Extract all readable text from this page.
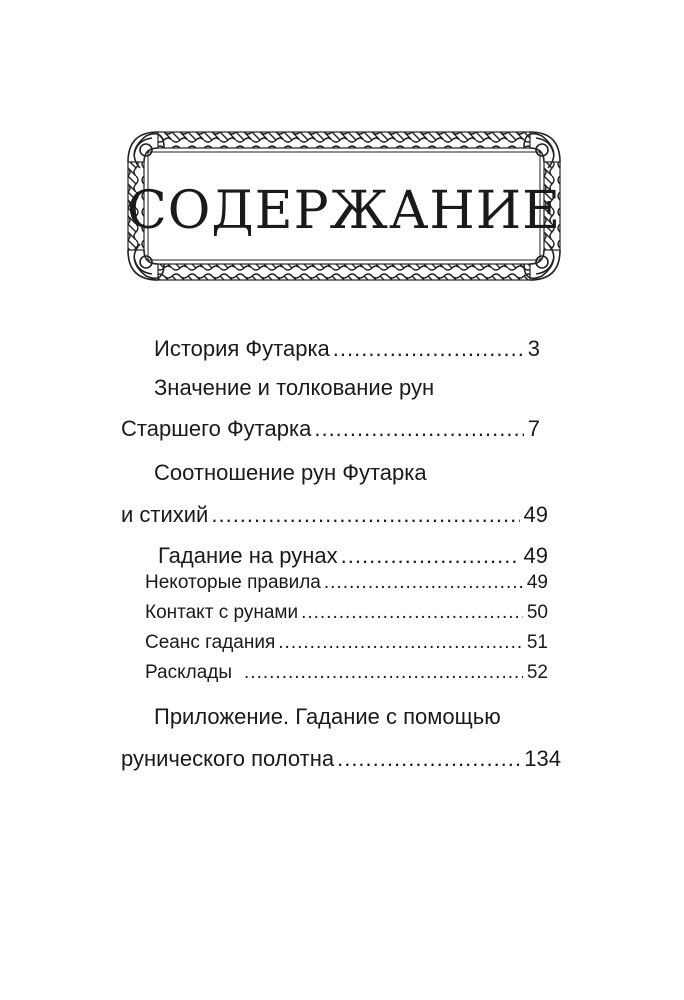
СОДЕРЖАНИЕ
История Футарка .....	3
Значение и толкование рун
Старшего Футарка .....	7
Соотношение рун Футарка
и стихий .....	49
Гадание на рунах .....	49
Некоторые правила .....	49
Контакт с рунами .....	50
Сеанс гадания .....	51
Расклады .....	52
Приложение. Гадание с помощью
рунического полотна .....	134
